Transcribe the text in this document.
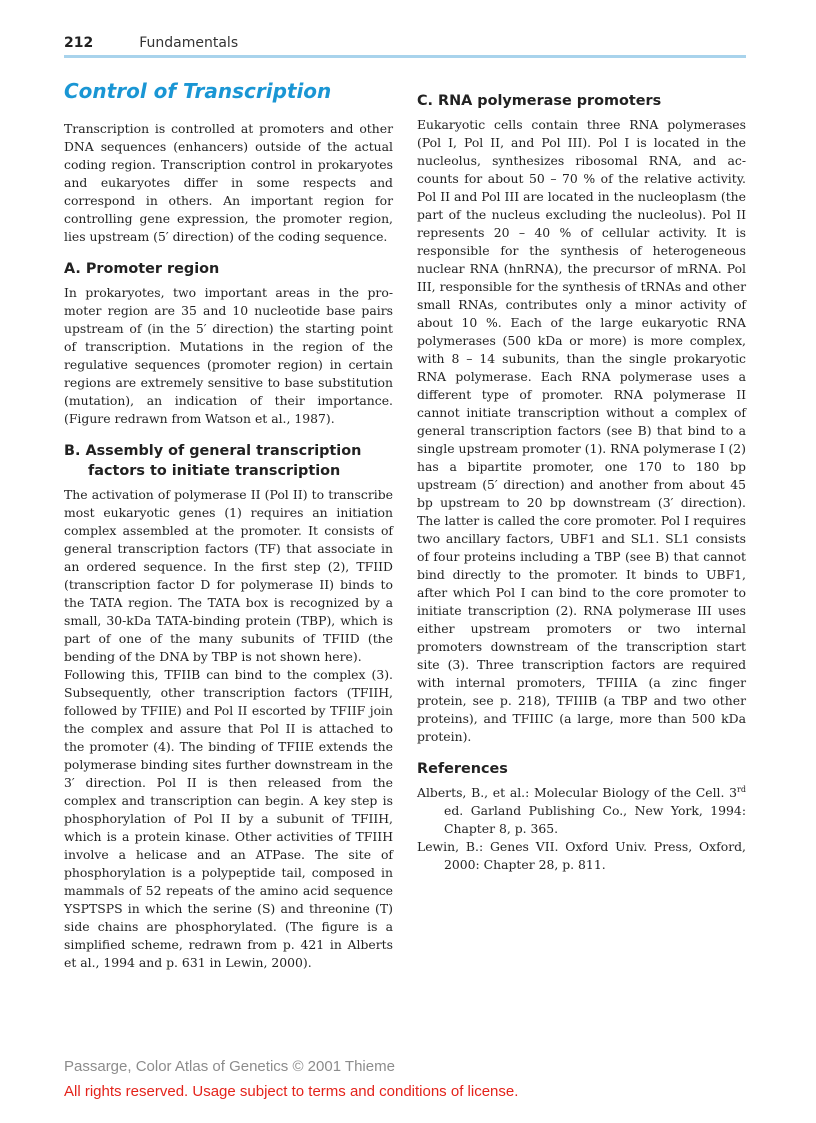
212	Fundamentals
Control of Transcription

Transcription is controlled at promoters and other DNA sequences (enhancers) outside of the actual coding region. Transcription control in prokaryotes and eukaryotes differ in some respects and correspond in others. An important region for controlling gene expression, the promoter region, lies upstream (5′ direction) of the coding sequence.

A. Promoter region

In prokaryotes, two important areas in the promoter region are 35 and 10 nucleotide base pairs upstream of (in the 5′ direction) the starting point of transcription. Mutations in the region of the regulative sequences (promoter region) in certain regions are extremely sensitive to base substitution (mutation), an indication of their importance. (Figure redrawn from Watson et al., 1987).

B. Assembly of general transcription factors to initiate transcription

The activation of polymerase II (Pol II) to transcribe most eukaryotic genes (1) requires an initiation complex assembled at the promoter. It consists of general transcription factors (TF) that associate in an ordered sequence. In the first step (2), TFIID (transcription factor D for polymerase II) binds to the TATA region. The TATA box is recognized by a small, 30-kDa TATA-binding protein (TBP), which is part of one of the many subunits of TFIID (the bending of the DNA by TBP is not shown here).

Following this, TFIIB can bind to the complex (3). Subsequently, other transcription factors (TFIIH, followed by TFIIE) and Pol II escorted by TFIIF join the complex and assure that Pol II is attached to the promoter (4). The binding of TFIIE extends the polymerase binding sites further downstream in the 3′ direction. Pol II is then released from the complex and transcription can begin. A key step is phosphorylation of Pol II by a subunit of TFIIH, which is a protein kinase. Other activities of TFIIH involve a helicase and an ATPase. The site of phosphorylation is a polypeptide tail, composed in mammals of 52 repeats of the amino acid sequence YSPTSPS in which the serine (S) and threonine (T) side chains are phosphorylated. (The figure is a simplified scheme, redrawn from p. 421 in Alberts et al., 1994 and p. 631 in Lewin, 2000).

C. RNA polymerase promoters

Eukaryotic cells contain three RNA polymerases (Pol I, Pol II, and Pol III). Pol I is located in the nucleolus, synthesizes ribosomal RNA, and accounts for about 50 – 70 % of the relative activity. Pol II and Pol III are located in the nucleoplasm (the part of the nucleus excluding the nucleolus). Pol II represents 20 – 40 % of cellular activity. It is responsible for the synthesis of heterogeneous nuclear RNA (hnRNA), the precursor of mRNA. Pol III, responsible for the synthesis of tRNAs and other small RNAs, contributes only a minor activity of about 10 %. Each of the large eukaryotic RNA polymerases (500 kDa or more) is more complex, with 8 – 14 subunits, than the single prokaryotic RNA polymerase. Each RNA polymerase uses a different type of promoter. RNA polymerase II cannot initiate transcription without a complex of general transcription factors (see B) that bind to a single upstream promoter (1). RNA polymerase I (2) has a bipartite promoter, one 170 to 180 bp upstream (5′ direction) and another from about 45 bp upstream to 20 bp downstream (3′ direction). The latter is called the core promoter. Pol I requires two ancillary factors, UBF1 and SL1. SL1 consists of four proteins including a TBP (see B) that cannot bind directly to the promoter. It binds to UBF1, after which Pol I can bind to the core promoter to initiate transcription (2). RNA polymerase III uses either upstream promoters or two internal promoters downstream of the transcription start site (3). Three transcription factors are required with internal promoters, TFIIIA (a zinc finger protein, see p. 218), TFIIIB (a TBP and two other proteins), and TFIIIC (a large, more than 500 kDa protein).

References

Alberts, B., et al.: Molecular Biology of the Cell. 3rd ed. Garland Publishing Co., New York, 1994: Chapter 8, p. 365.

Lewin, B.: Genes VII. Oxford Univ. Press, Oxford, 2000: Chapter 28, p. 811.

Passarge, Color Atlas of Genetics © 2001 Thieme
All rights reserved. Usage subject to terms and conditions of license.
